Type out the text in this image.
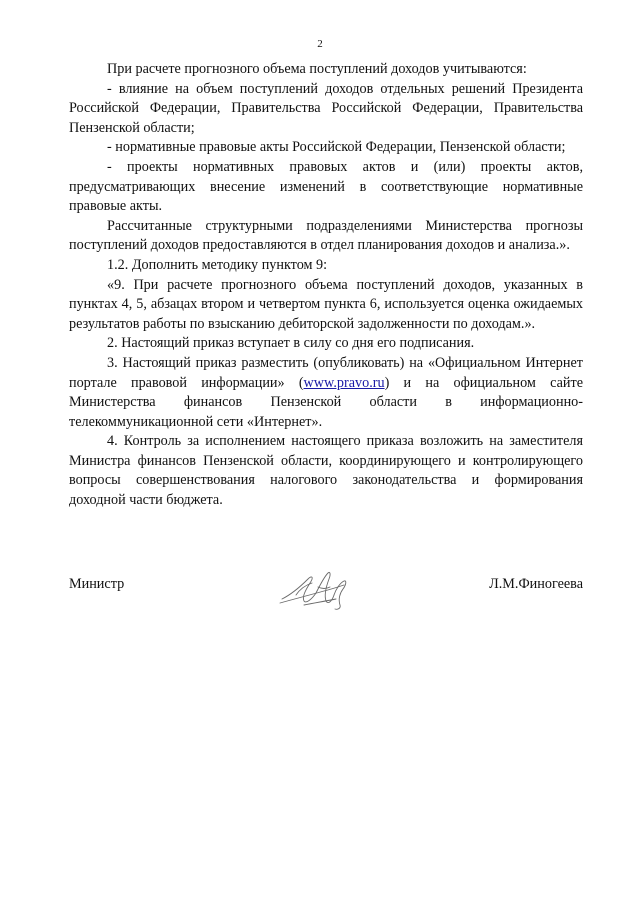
2

При расчете прогнозного объема поступлений доходов учитываются:

- влияние на объем поступлений доходов отдельных решений Президента Российской Федерации, Правительства Российской Федерации, Правительства Пензенской области;

- нормативные правовые акты Российской Федерации, Пензенской области;

- проекты нормативных правовых актов и (или) проекты актов, предусматривающих внесение изменений в соответствующие нормативные правовые акты.

Рассчитанные структурными подразделениями Министерства прогнозы поступлений доходов предоставляются в отдел планирования доходов и анализа.».

1.2. Дополнить методику пунктом 9:

«9. При расчете прогнозного объема поступлений доходов, указанных в пунктах 4, 5, абзацах втором и четвертом пункта 6, используется оценка ожидаемых результатов работы по взысканию дебиторской задолженности по доходам.».

2. Настоящий приказ вступает в силу со дня его подписания.

3. Настоящий приказ разместить (опубликовать) на «Официальном Интернет портале правовой информации» (www.pravo.ru) и на официальном сайте Министерства финансов Пензенской области в информационно-телекоммуникационной сети «Интернет».

4. Контроль за исполнением настоящего приказа возложить на заместителя Министра финансов Пензенской области, координирующего и контролирующего вопросы совершенствования налогового законодательства и формирования доходной части бюджета.

Министр	Л.М.Финогеева
